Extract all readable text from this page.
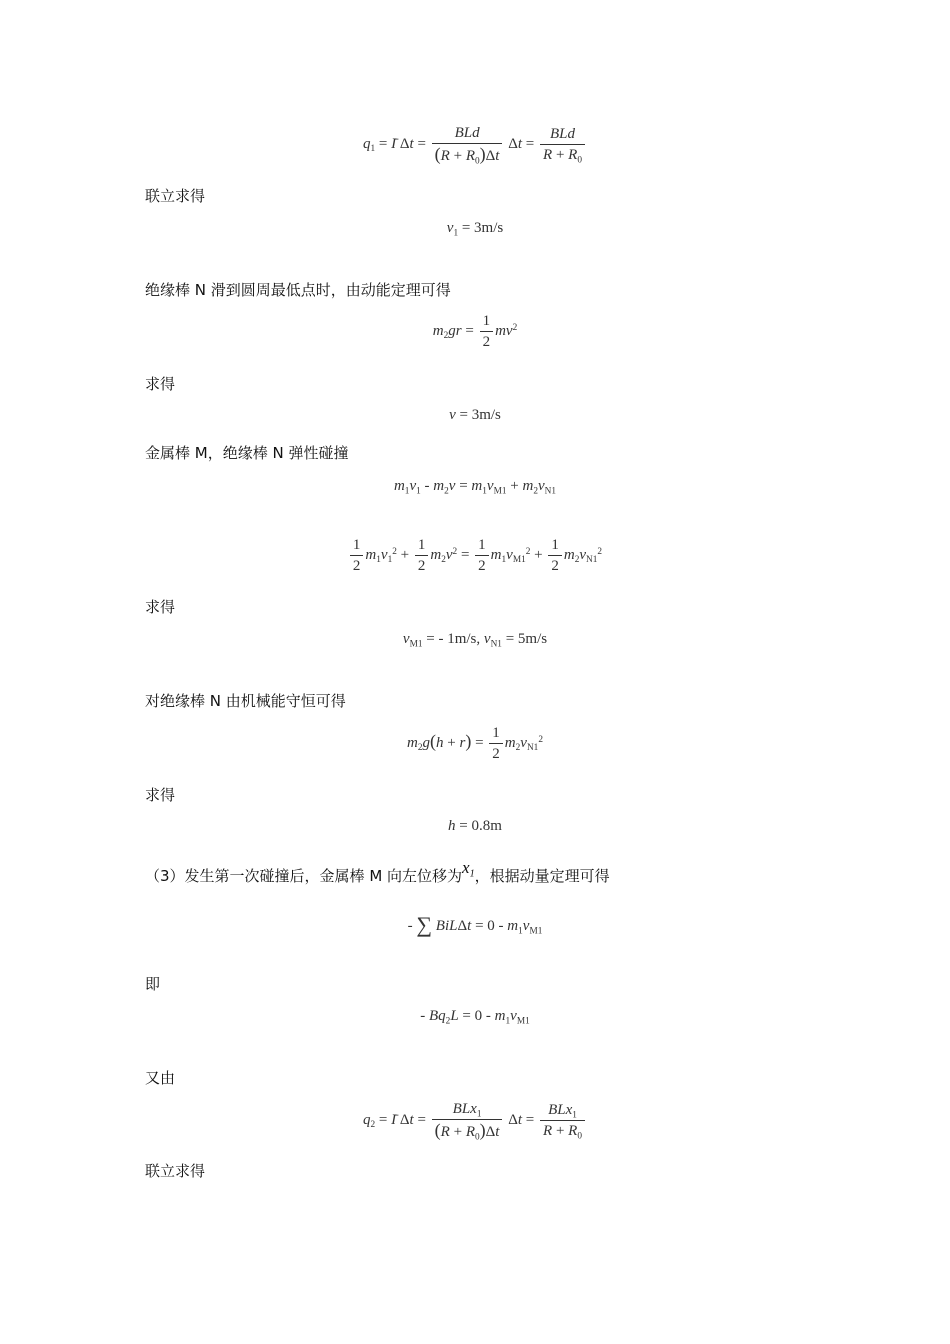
$q_1$ = Ī $\Delta t = \frac{\text{BLd}}{(R + R_0)\Delta t}$ $\Delta t = \frac{\text{BLd}}{R + R_0}$
联立求得
$v_1 = 3m/s$
绝缘棒 N 滑到圆周最低点时，由动能定理可得
$m_2gr = \frac{1}{2} mv^2$
求得
v = 3m/s
金属棒 M，绝缘棒 N 弹性碰撞
$m_1v_1 - m_2v = m_1v_{M1} + m_2v_{N1}$
$\frac{1}{2} m_1v_1^2 + \frac{1}{2} m_2v^2 = \frac{1}{2} m_1v_{M1}^2 + \frac{1}{2} m_2v_{N1}^2$
求得
$v_{M1}$ = - 1m/s, $v_{N1} = 5m/s$
对绝缘棒 N 由机械能守恒可得
$m_2g(h + r) = \frac{1}{2} m_2v_{N1}^2$
求得
h = 0.8m
（3）发生第一次碰撞后，金属棒 M 向左位移为$x_1$，根据动量定理可得
- ∑ $BiL\Delta t = 0 - m_1v_{M1}$
即
- $Bq_2L = 0 - m_1v_{M1}$
又由
$q_2$ = Ī $\Delta t = \frac{BLx_1}{(R + R_0)\Delta t}$ $\Delta t = \frac{BLx_1}{R + R_0}$
联立求得
